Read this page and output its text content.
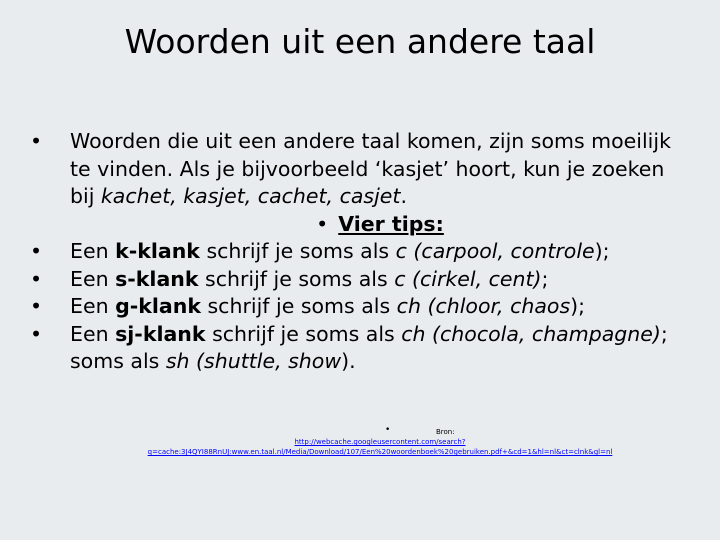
Woorden uit een andere taal
•	Woorden die uit een andere taal komen, zijn soms moeilijk te vinden. Als je bijvoorbeeld ‘kasjet’ hoort, kun je zoeken bij kachet, kasjet, cachet, casjet.
• Vier tips:
•	Een k-klank schrijf je soms als c (carpool, controle);
•	Een s-klank schrijf je soms als c (cirkel, cent);
•	Een g-klank schrijf je soms als ch (chloor, chaos);
•	Een sj-klank schrijf je soms als ch (chocola, champagne); soms als sh (shuttle, show).
•	Bron:
http://webcache.googleusercontent.com/search?q=cache:3J4QYI88RnUJ:www.en.taal.nl/Media/Download/107/Een%20woordenboek%20gebruiken.pdf+&cd=1&hl=nl&ct=clnk&gl=nl
